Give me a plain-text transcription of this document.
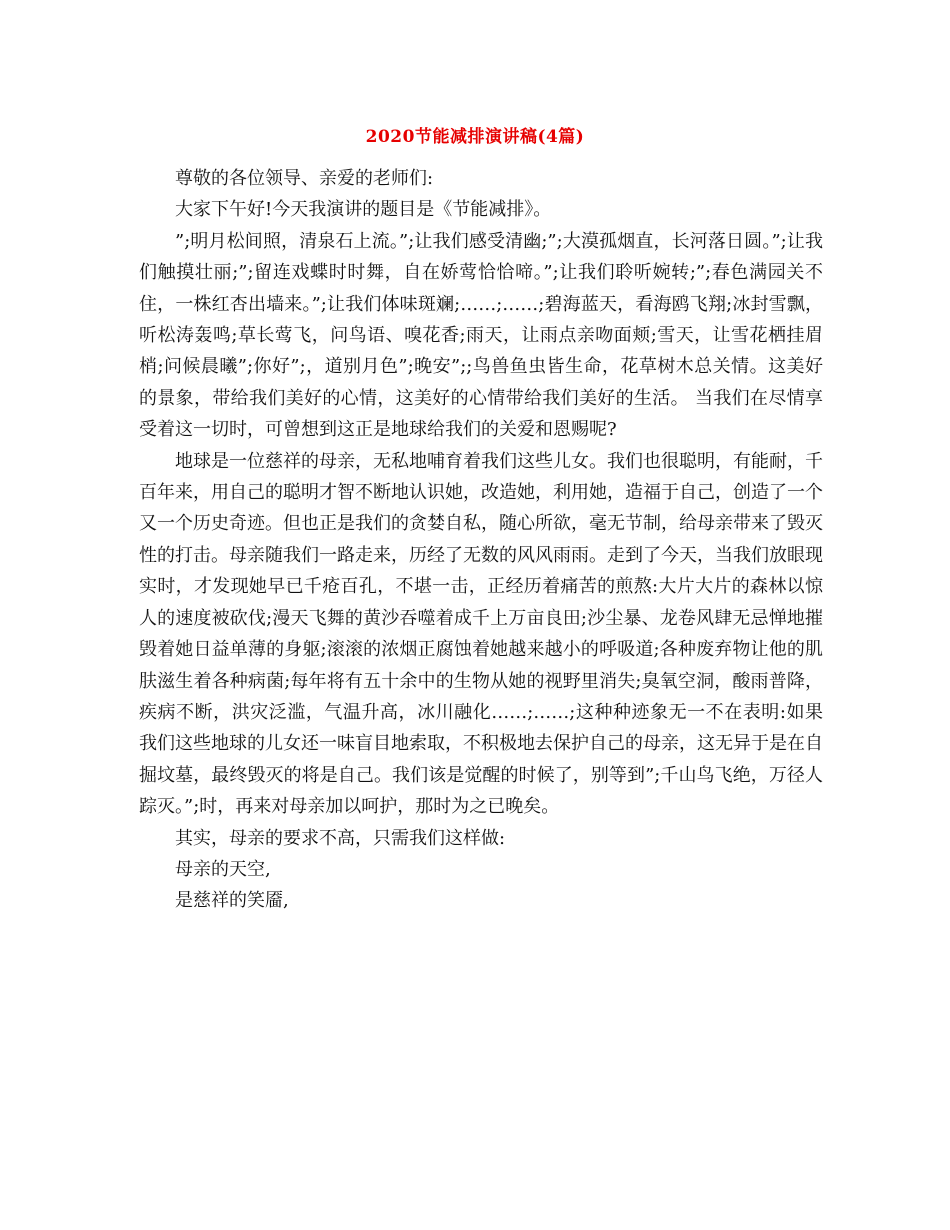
2020节能减排演讲稿(4篇)

尊敬的各位领导、亲爱的老师们:

大家下午好!今天我演讲的题目是《节能减排》。

”;明月松间照，清泉石上流。”;让我们感受清幽;”;大漠孤烟直，长河落日圆。”;让我们触摸壮丽;”;留连戏蝶时时舞，自在娇莺恰恰啼。”;让我们聆听婉转;”;春色满园关不住，一株红杏出墙来。”;让我们体味斑斓;……;……;碧海蓝天，看海鸥飞翔;冰封雪飘，听松涛轰鸣;草长莺飞，问鸟语、嗅花香;雨天，让雨点亲吻面颊;雪天，让雪花栖挂眉梢;问候晨曦”;你好”;，道别月色”;晚安”;;鸟兽鱼虫皆生命，花草树木总关情。这美好的景象，带给我们美好的心情，这美好的心情带给我们美好的生活。 当我们在尽情享受着这一切时，可曾想到这正是地球给我们的关爱和恩赐呢?

地球是一位慈祥的母亲，无私地哺育着我们这些儿女。我们也很聪明，有能耐，千百年来，用自己的聪明才智不断地认识她，改造她，利用她，造福于自己，创造了一个又一个历史奇迹。但也正是我们的贪婪自私，随心所欲，毫无节制，给母亲带来了毁灭性的打击。母亲随我们一路走来，历经了无数的风风雨雨。走到了今天，当我们放眼现实时，才发现她早已千疮百孔，不堪一击，正经历着痛苦的煎熬:大片大片的森林以惊人的速度被砍伐;漫天飞舞的黄沙吞噬着成千上万亩良田;沙尘暴、龙卷风肆无忌惮地摧毁着她日益单薄的身躯;滚滚的浓烟正腐蚀着她越来越小的呼吸道;各种废弃物让他的肌肤滋生着各种病菌;每年将有五十余中的生物从她的视野里消失;臭氧空洞，酸雨普降，疾病不断，洪灾泛滥，气温升高，冰川融化……;……;这种种迹象无一不在表明:如果我们这些地球的儿女还一味盲目地索取，不积极地去保护自己的母亲，这无异于是在自掘坟墓，最终毁灭的将是自己。我们该是觉醒的时候了，别等到”;千山鸟飞绝，万径人踪灭。”;时，再来对母亲加以呵护，那时为之已晚矣。

其实，母亲的要求不高，只需我们这样做:

母亲的天空,

是慈祥的笑靥,
